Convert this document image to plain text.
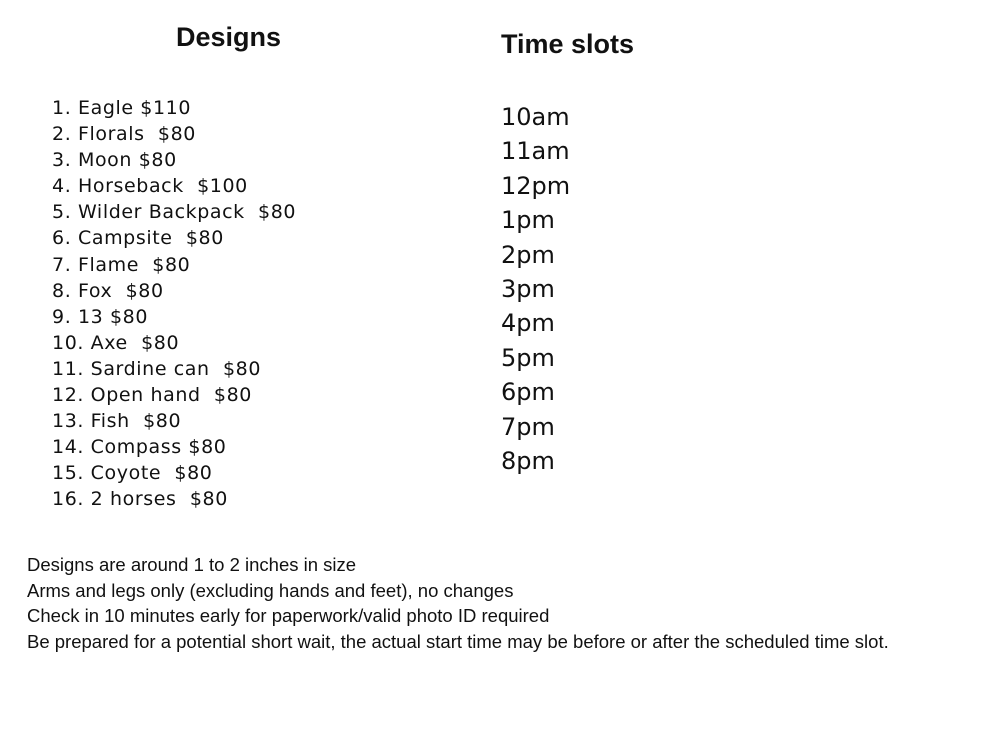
Designs	Time slots
1. Eagle $110
2. Florals  $80
3. Moon $80
4. Horseback  $100
5. Wilder Backpack  $80
6. Campsite  $80
7. Flame  $80
8. Fox  $80
9. 13 $80
10. Axe  $80
11. Sardine can  $80
12. Open hand  $80
13. Fish  $80
14. Compass $80
15. Coyote  $80
16. 2 horses  $80
10am
11am
12pm
1pm
2pm
3pm
4pm
5pm
6pm
7pm
8pm
Designs are around 1 to 2 inches in size
Arms and legs only (excluding hands and feet), no changes
Check in 10 minutes early for paperwork/valid photo ID required
Be prepared for a potential short wait, the actual start time may be before or after the scheduled time slot.
